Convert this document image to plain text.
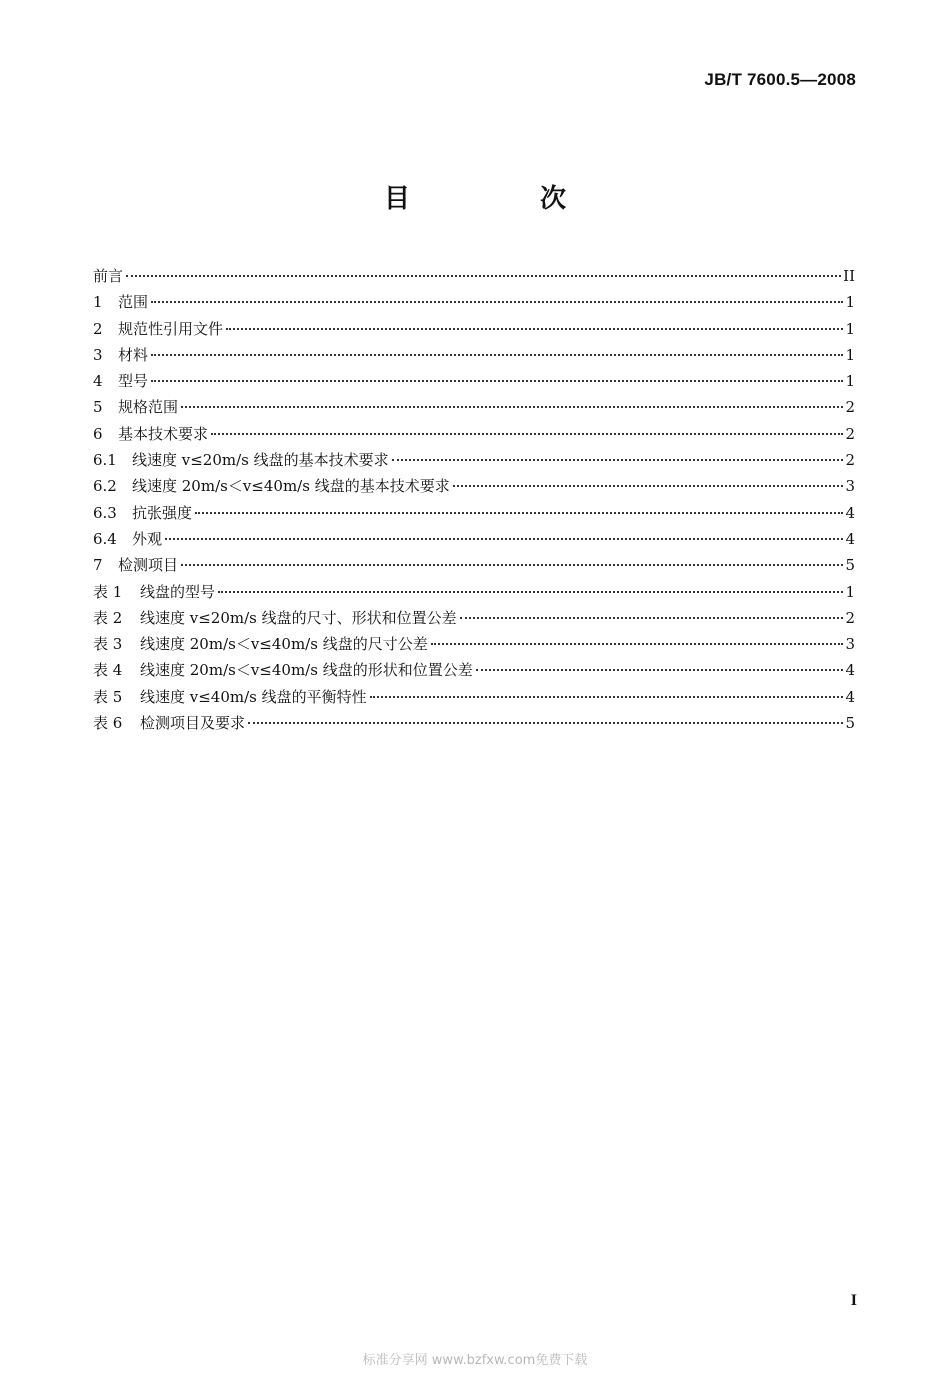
JB/T 7600.5—2008
目　次
前言	II
1	范围	1
2	规范性引用文件	1
3	材料	1
4	型号	1
5	规格范围	2
6	基本技术要求	2
6.1	线速度 v≤20m/s 线盘的基本技术要求	2
6.2	线速度 20m/s＜v≤40m/s 线盘的基本技术要求	3
6.3	抗张强度	4
6.4	外观	4
7	检测项目	5
表 1	线盘的型号	1
表 2	线速度 v≤20m/s 线盘的尺寸、形状和位置公差	2
表 3	线速度 20m/s＜v≤40m/s 线盘的尺寸公差	3
表 4	线速度 20m/s＜v≤40m/s 线盘的形状和位置公差	4
表 5	线速度 v≤40m/s 线盘的平衡特性	4
表 6	检测项目及要求	5
I
标准分享网 www.bzfxw.com免费下载
